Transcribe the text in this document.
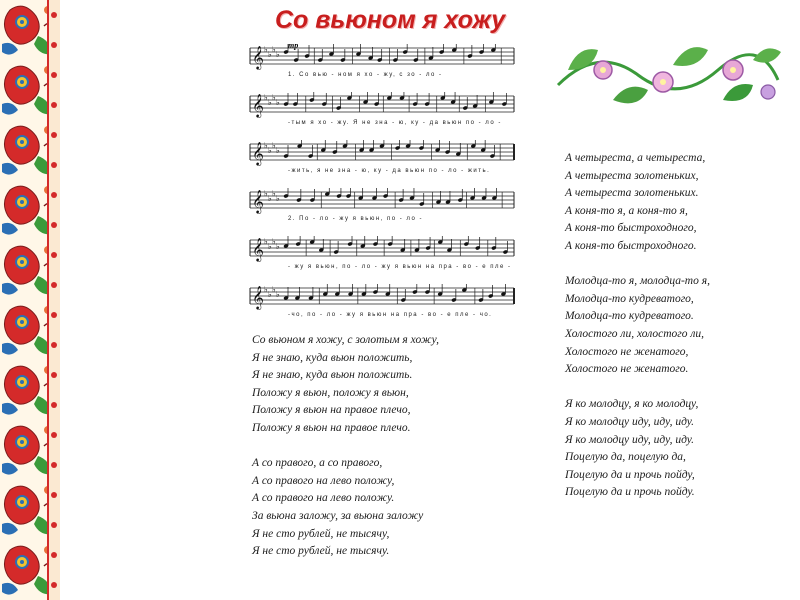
Со вьюном я хожу
тр
𝄞 ♭
♭
♭
♭
1. Со вью - ном я хо - жу, с зо - ло -
𝄞 ♭
♭
♭
♭
-тым я хо - жу. Я не зна - ю, ку - да вьюн по - ло -
𝄞 ♭
♭
♭
♭
-жить, я не зна - ю, ку - да вьюн по - ло - жить.
𝄞 ♭
♭
♭
♭
2. По - ло - жу я вьюн, по - ло -
𝄞 ♭
♭
♭
♭
- жу я вьюн, по - ло - жу я вьюн на пра - во - е пле -
𝄞 ♭
♭
♭
♭
-чо, по - ло - жу я вьюн на пра - во - е пле - чо.
Со вьюном я хожу, с золотым я хожу,
Я не знаю, куда вьюн положить,
Я не знаю, куда вьюн положить.
Положу я вьюн, положу я вьюн,
Положу я вьюн на правое плечо,
Положу я вьюн на правое плечо.
А со правого, а со правого,
А со правого на лево положу,
А со правого на лево положу.
За вьюна заложу, за вьюна заложу
Я не сто рублей, не тысячу,
Я не сто рублей, не тысячу.
А четыреста, а четыреста,
А четыреста золотеньких,
А четыреста золотеньких.
А коня-то я, а коня-то я,
А коня-то быстроходного,
А коня-то быстроходного.
Молодца-то я, молодца-то я,
Молодца-то кудреватого,
Молодца-то кудреватого.
Холостого ли, холостого ли,
Холостого не женатого,
Холостого не женатого.
Я ко молодцу, я ко молодцу,
Я ко молодцу иду, иду, иду.
Я ко молодцу иду, иду, иду.
Поцелую да, поцелую да,
Поцелую да и прочь пойду,
Поцелую да и прочь пойду.
